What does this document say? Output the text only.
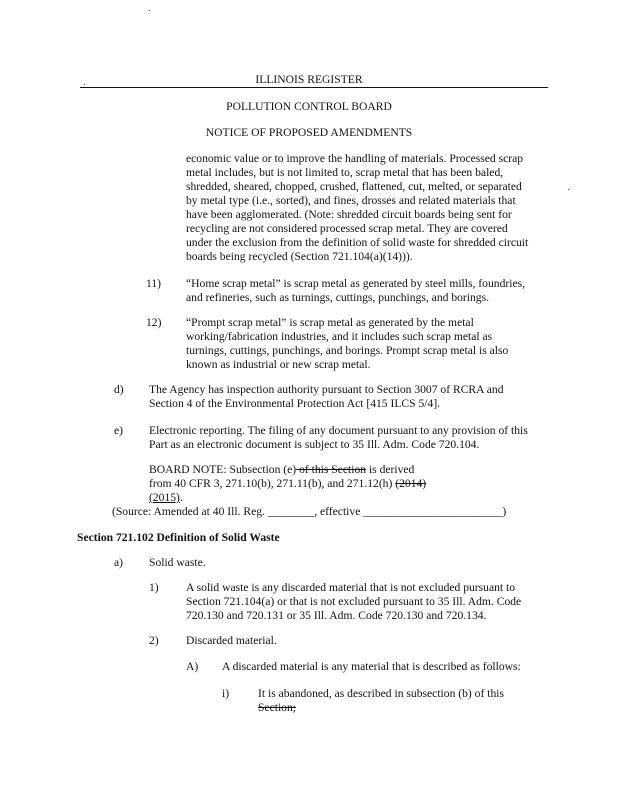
ILLINOIS REGISTER
POLLUTION CONTROL BOARD
NOTICE OF PROPOSED AMENDMENTS

economic value or to improve the handling of materials. Processed scrap metal includes, but is not limited to, scrap metal that has been baled, shredded, sheared, chopped, crushed, flattened, cut, melted, or separated by metal type (i.e., sorted), and fines, drosses and related materials that have been agglomerated. (Note: shredded circuit boards being sent for recycling are not considered processed scrap metal. They are covered under the exclusion from the definition of solid waste for shredded circuit boards being recycled (Section 721.104(a)(14))).

11) “Home scrap metal” is scrap metal as generated by steel mills, foundries, and refineries, such as turnings, cuttings, punchings, and borings.

12) “Prompt scrap metal” is scrap metal as generated by the metal working/fabrication industries, and it includes such scrap metal as turnings, cuttings, punchings, and borings. Prompt scrap metal is also known as industrial or new scrap metal.

d) The Agency has inspection authority pursuant to Section 3007 of RCRA and Section 4 of the Environmental Protection Act [415 ILCS 5/4].

e) Electronic reporting. The filing of any document pursuant to any provision of this Part as an electronic document is subject to 35 Ill. Adm. Code 720.104.

BOARD NOTE: Subsection (e) of this Section is derived from 40 CFR 3, 271.10(b), 271.11(b), and 271.12(h) (2014) (2015).

(Source: Amended at 40 Ill. Reg. ________, effective ________________________)
Section 721.102 Definition of Solid Waste
a) Solid waste.
1) A solid waste is any discarded material that is not excluded pursuant to Section 721.104(a) or that is not excluded pursuant to 35 Ill. Adm. Code 720.130 and 720.131 or 35 Ill. Adm. Code 720.130 and 720.134.

2) Discarded material.
A) A discarded material is any material that is described as follows:
i) It is abandoned, as described in subsection (b) of this
Section;
